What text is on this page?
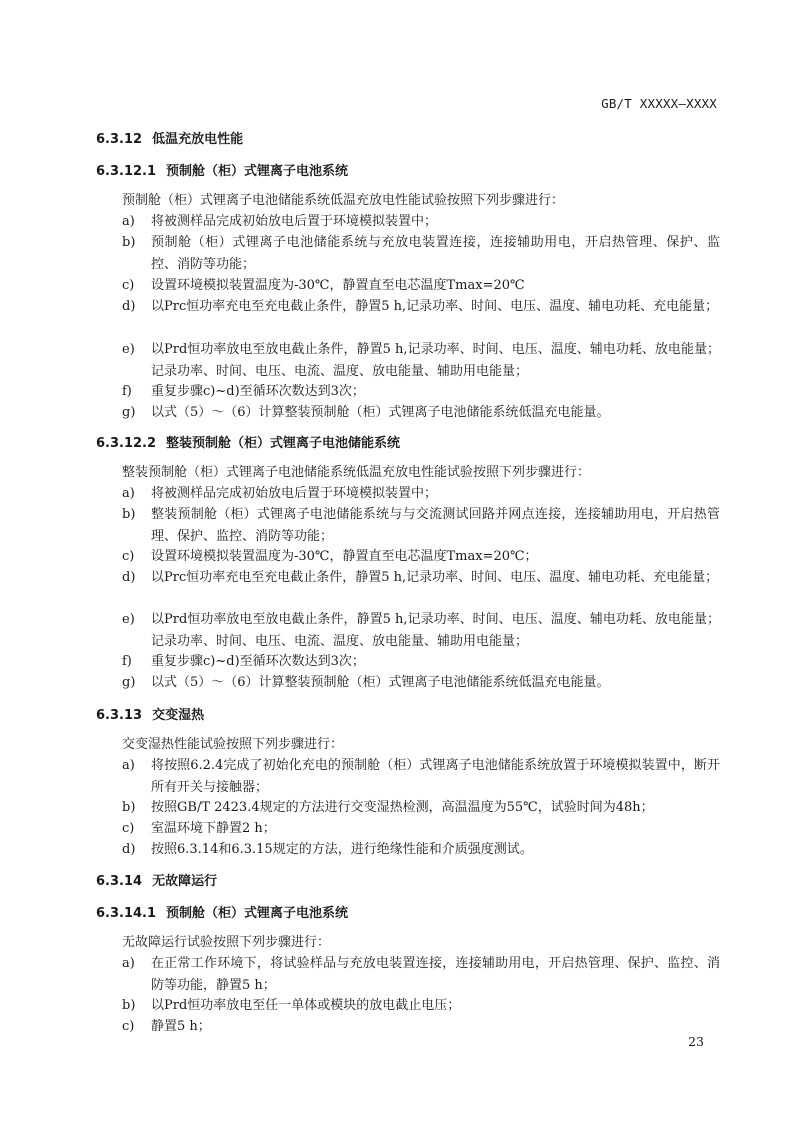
GB/T XXXXX—XXXX
6.3.12 低温充放电性能
6.3.12.1 预制舱（柜）式锂离子电池系统
预制舱（柜）式锂离子电池储能系统低温充放电性能试验按照下列步骤进行：
a) 将被测样品完成初始放电后置于环境模拟装置中；
b) 预制舱（柜）式锂离子电池储能系统与充放电装置连接，连接辅助用电，开启热管理、保护、监控、消防等功能；
c) 设置环境模拟装置温度为-30℃，静置直至电芯温度Tmax=20℃
d) 以Prc恒功率充电至充电截止条件，静置5 h,记录功率、时间、电压、温度、辅电功耗、充电能量；
e) 以Prd恒功率放电至放电截止条件，静置5 h,记录功率、时间、电压、温度、辅电功耗、放电能量；记录功率、时间、电压、电流、温度、放电能量、辅助用电能量；
f) 重复步骤c)~d)至循环次数达到3次；
g) 以式（5）～（6）计算整装预制舱（柜）式锂离子电池储能系统低温充电能量。
6.3.12.2 整装预制舱（柜）式锂离子电池储能系统
整装预制舱（柜）式锂离子电池储能系统低温充放电性能试验按照下列步骤进行：
a) 将被测样品完成初始放电后置于环境模拟装置中；
b) 整装预制舱（柜）式锂离子电池储能系统与与交流测试回路并网点连接，连接辅助用电，开启热管理、保护、监控、消防等功能；
c) 设置环境模拟装置温度为-30℃，静置直至电芯温度Tmax=20℃；
d) 以Prc恒功率充电至充电截止条件，静置5 h,记录功率、时间、电压、温度、辅电功耗、充电能量；
e) 以Prd恒功率放电至放电截止条件，静置5 h,记录功率、时间、电压、温度、辅电功耗、放电能量；记录功率、时间、电压、电流、温度、放电能量、辅助用电能量；
f) 重复步骤c)~d)至循环次数达到3次；
g) 以式（5）～（6）计算整装预制舱（柜）式锂离子电池储能系统低温充电能量。
6.3.13 交变湿热
交变湿热性能试验按照下列步骤进行：
a) 将按照6.2.4完成了初始化充电的预制舱（柜）式锂离子电池储能系统放置于环境模拟装置中，断开所有开关与接触器；
b) 按照GB/T 2423.4规定的方法进行交变湿热检测，高温温度为55℃，试验时间为48h；
c) 室温环境下静置2 h；
d) 按照6.3.14和6.3.15规定的方法，进行绝缘性能和介质强度测试。
6.3.14 无故障运行
6.3.14.1 预制舱（柜）式锂离子电池系统
无故障运行试验按照下列步骤进行：
a) 在正常工作环境下，将试验样品与充放电装置连接，连接辅助用电，开启热管理、保护、监控、消防等功能，静置5 h；
b) 以Prd恒功率放电至任一单体或模块的放电截止电压；
c) 静置5 h；
23
